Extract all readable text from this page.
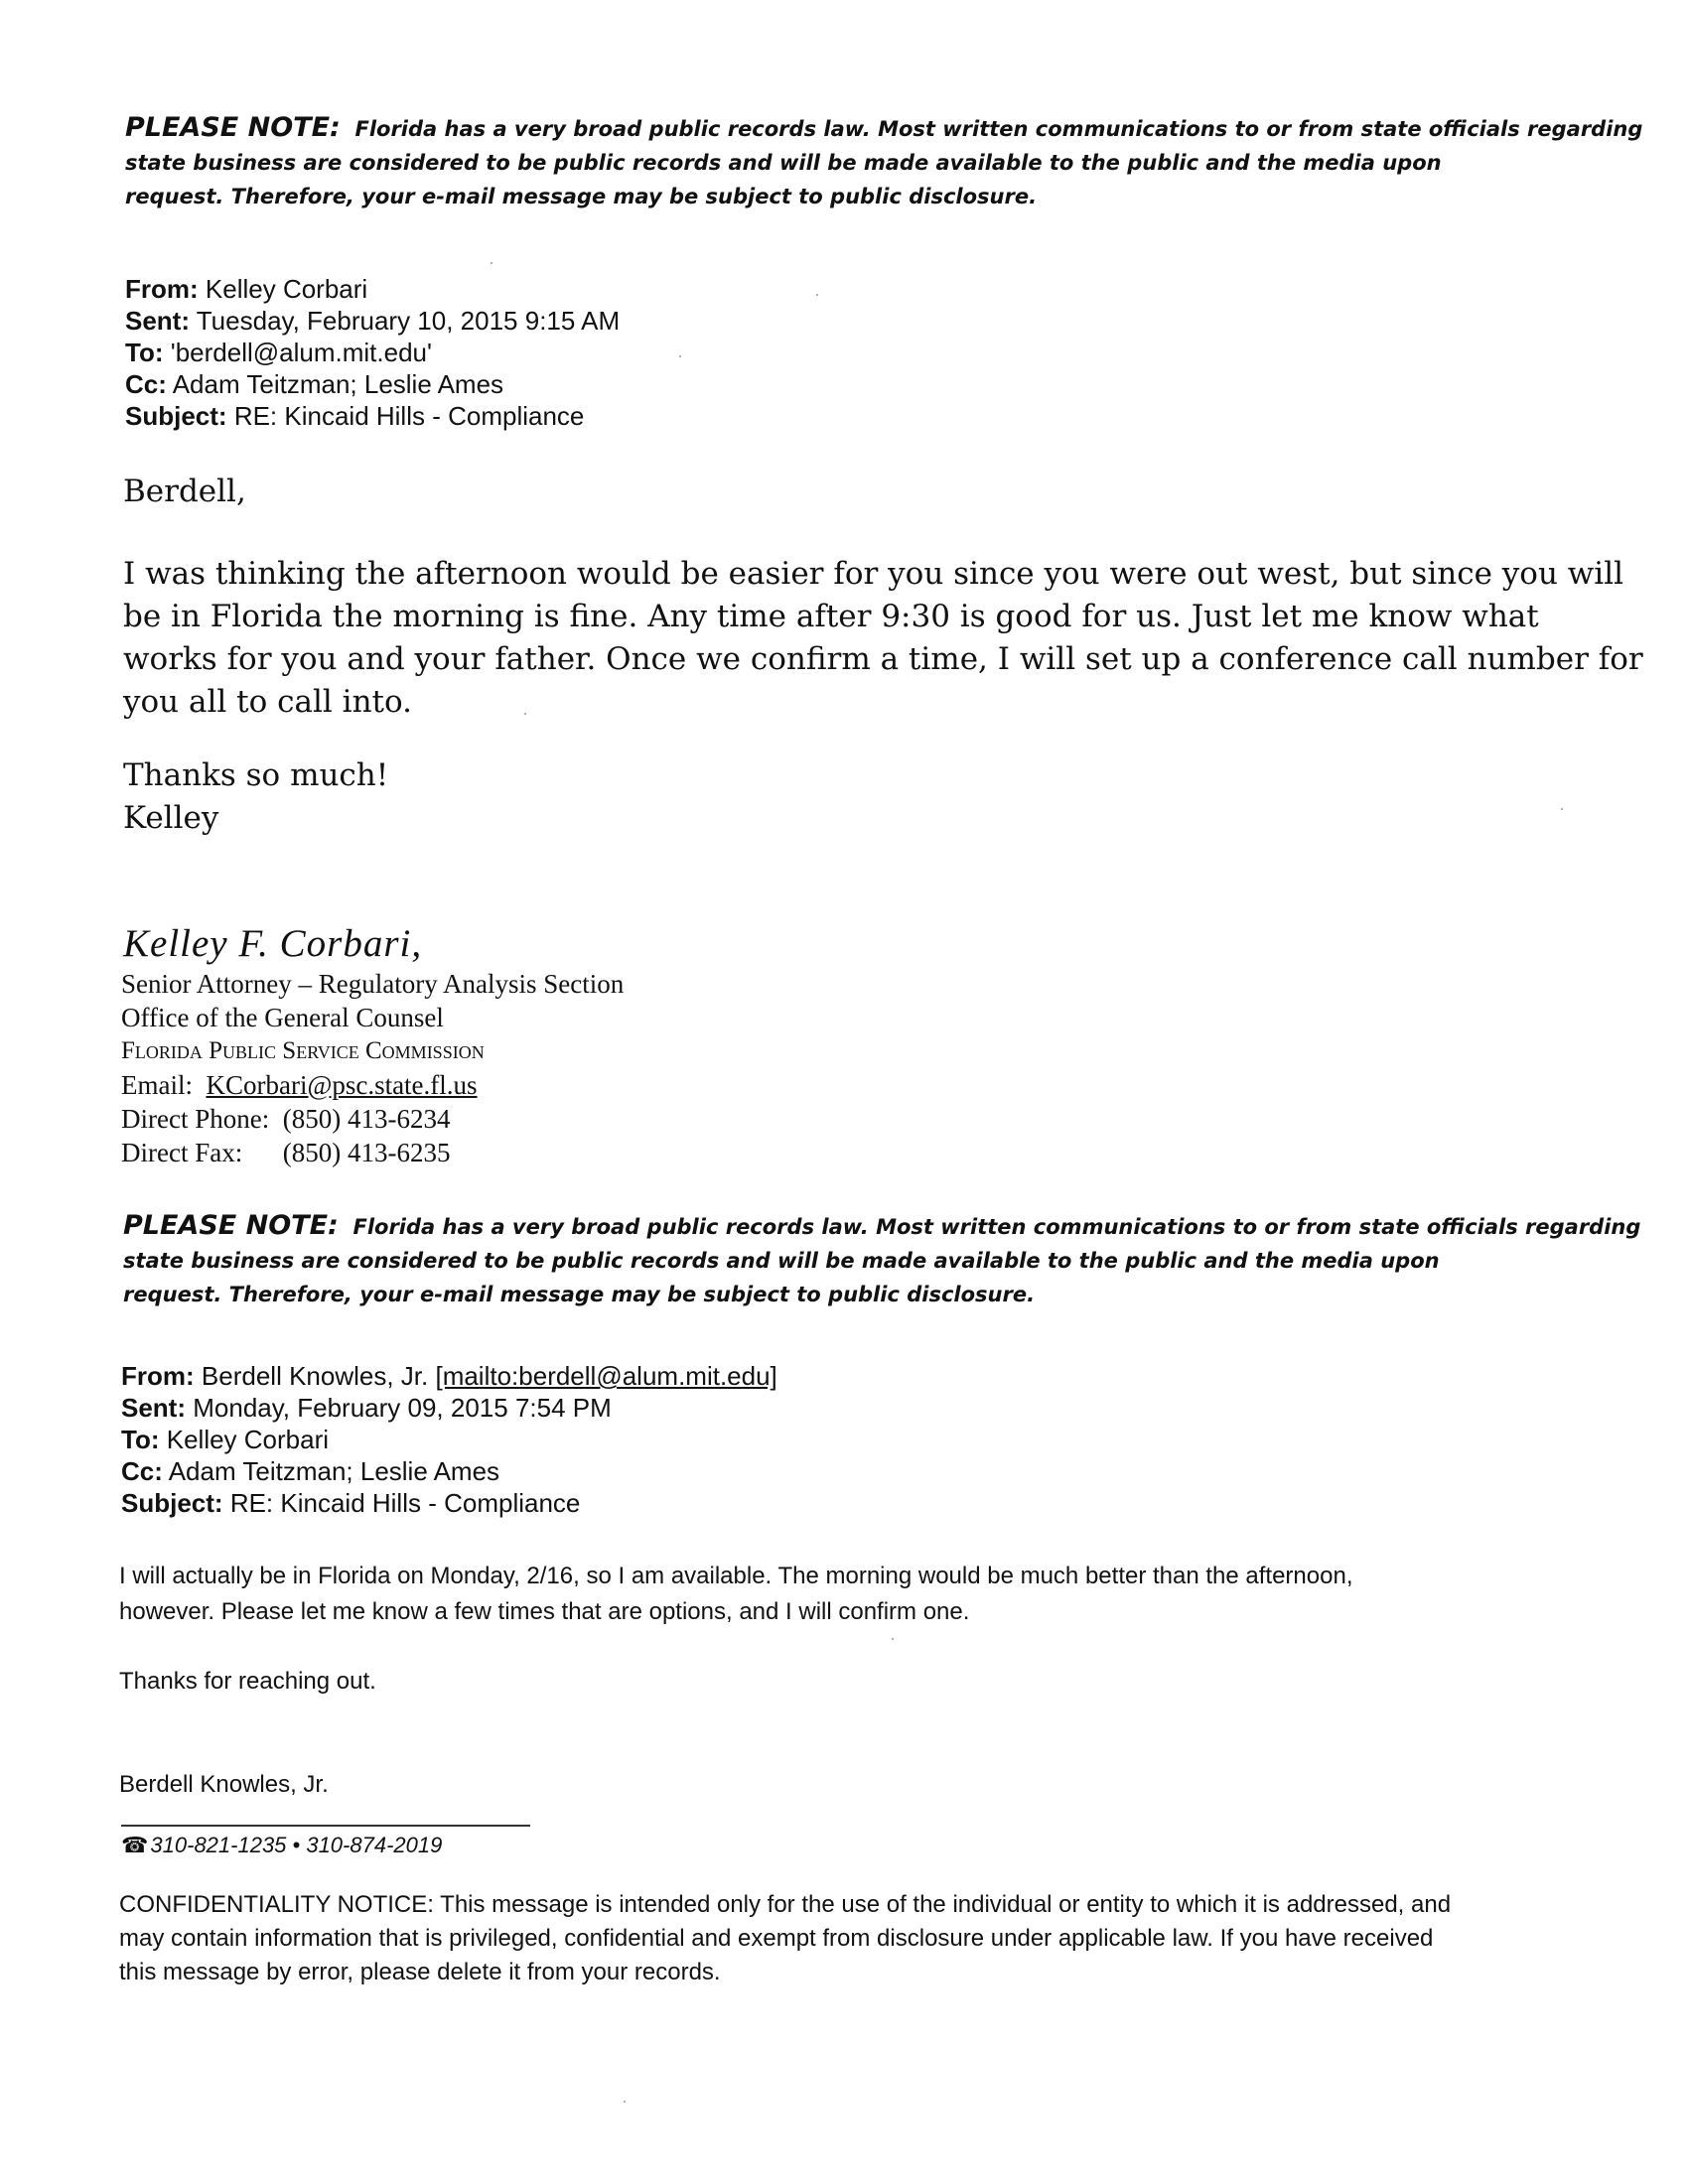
PLEASE NOTE: Florida has a very broad public records law. Most written communications to or from state officials regarding
state business are considered to be public records and will be made available to the public and the media upon
request. Therefore, your e-mail message may be subject to public disclosure.
From: Kelley Corbari
Sent: Tuesday, February 10, 2015 9:15 AM
To: 'berdell@alum.mit.edu'
Cc: Adam Teitzman; Leslie Ames
Subject: RE: Kincaid Hills - Compliance
Berdell,
I was thinking the afternoon would be easier for you since you were out west, but since you will
be in Florida the morning is fine. Any time after 9:30 is good for us. Just let me know what
works for you and your father. Once we confirm a time, I will set up a conference call number for
you all to call into.
Thanks so much!
Kelley
Kelley F. Corbari,
Senior Attorney – Regulatory Analysis Section
Office of the General Counsel
Florida Public Service Commission
Email: KCorbari@psc.state.fl.us
Direct Phone: (850) 413-6234
Direct Fax: (850) 413-6235
PLEASE NOTE: Florida has a very broad public records law. Most written communications to or from state officials regarding
state business are considered to be public records and will be made available to the public and the media upon
request. Therefore, your e-mail message may be subject to public disclosure.
From: Berdell Knowles, Jr. [mailto:berdell@alum.mit.edu]
Sent: Monday, February 09, 2015 7:54 PM
To: Kelley Corbari
Cc: Adam Teitzman; Leslie Ames
Subject: RE: Kincaid Hills - Compliance
I will actually be in Florida on Monday, 2/16, so I am available. The morning would be much better than the afternoon,
however. Please let me know a few times that are options, and I will confirm one.
Thanks for reaching out.
Berdell Knowles, Jr.
☎310-821-1235 • 310-874-2019
CONFIDENTIALITY NOTICE: This message is intended only for the use of the individual or entity to which it is addressed, and
may contain information that is privileged, confidential and exempt from disclosure under applicable law. If you have received
this message by error, please delete it from your records.
